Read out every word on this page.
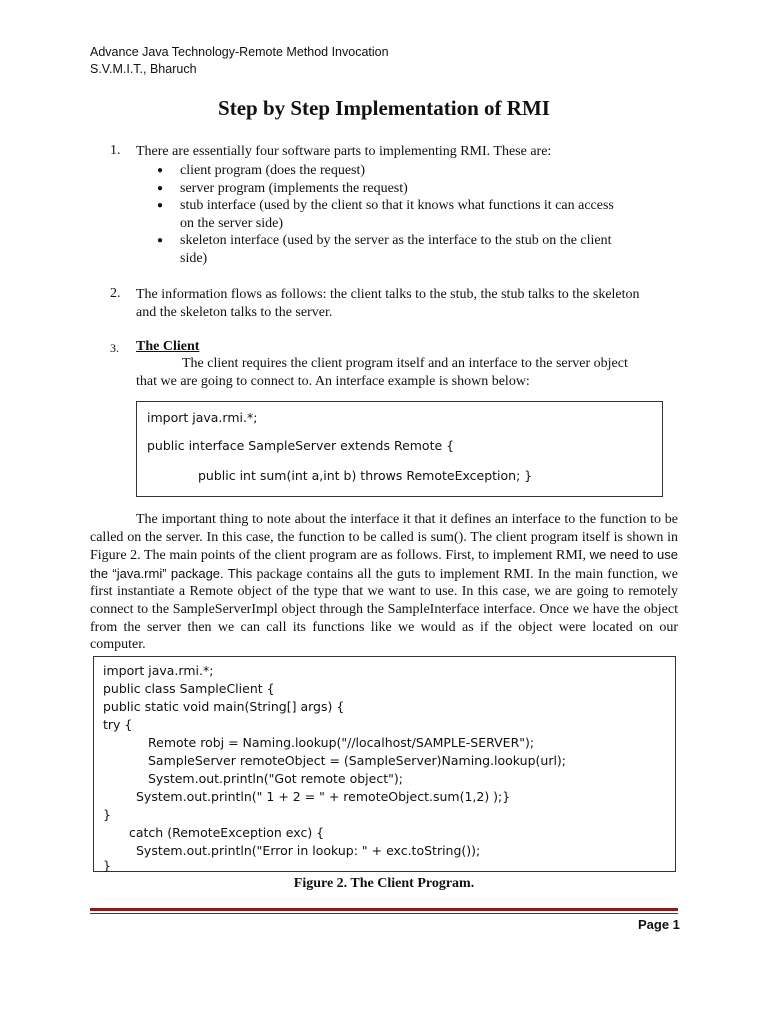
Advance Java Technology-Remote Method Invocation
S.V.M.I.T., Bharuch
Step by Step Implementation of RMI
1. There are essentially four software parts to implementing RMI. These are:
● client program (does the request)
● server program (implements the request)
● stub interface (used by the client so that it knows what functions it can access on the server side)
● skeleton interface (used by the server as the interface to the stub on the client side)
2. The information flows as follows: the client talks to the stub, the stub talks to the skeleton and the skeleton talks to the server.
3. The Client
The client requires the client program itself and an interface to the server object
that we are going to connect to. An interface example is shown below:
import java.rmi.*;
public interface SampleServer extends Remote {
public int sum(int a,int b) throws RemoteException; }
The important thing to note about the interface it that it defines an interface to the function to be called on the server. In this case, the function to be called is sum(). The client program itself is shown in Figure 2. The main points of the client program are as follows. First, to implement RMI, we need to use the “java.rmi” package. This package contains all the guts to implement RMI. In the main function, we first instantiate a Remote object of the type that we want to use. In this case, we are going to remotely connect to the SampleServerImpl object through the SampleInterface interface. Once we have the object from the server then we can call its functions like we would as if the object were located on our computer.
import java.rmi.*;
public class SampleClient {
public static void main(String[] args) {
try {
Remote robj = Naming.lookup("//localhost/SAMPLE-SERVER");
SampleServer remoteObject = (SampleServer)Naming.lookup(url);
System.out.println("Got remote object");
System.out.println(" 1 + 2 = " + remoteObject.sum(1,2) );}
}
catch (RemoteException exc) {
System.out.println("Error in lookup: " + exc.toString());
}
Figure 2. The Client Program.
Page 1
